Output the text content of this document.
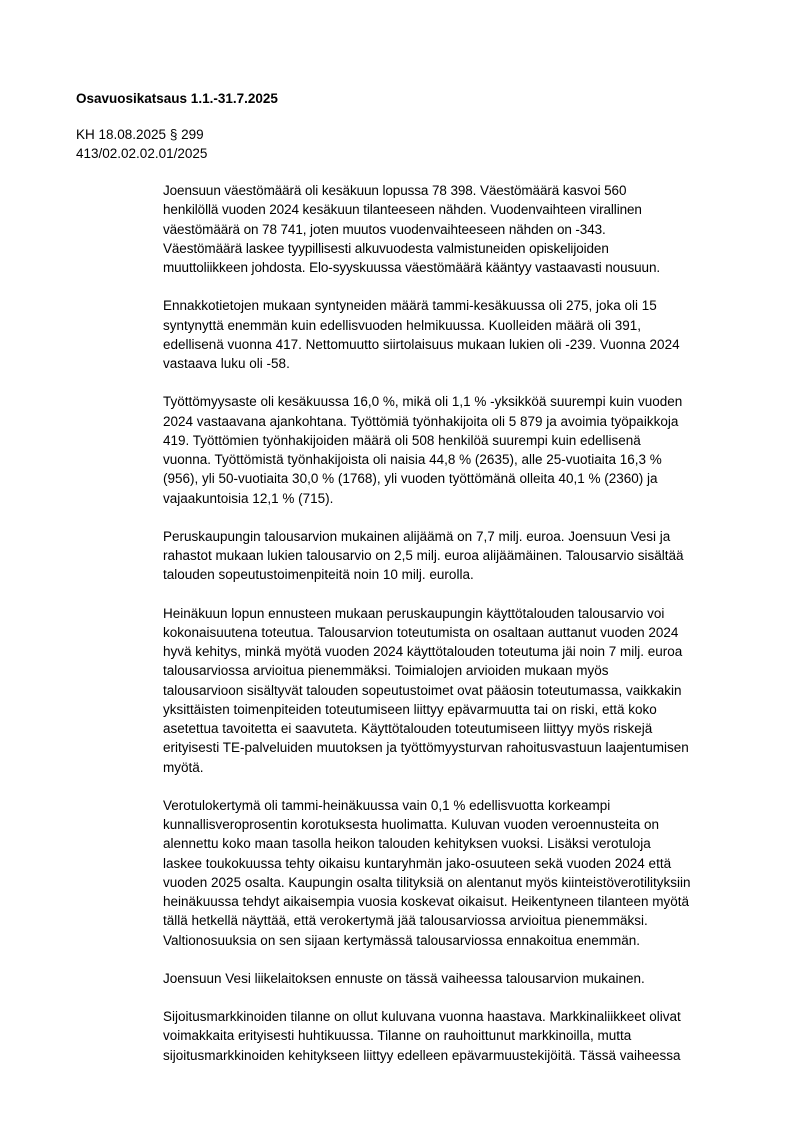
Osavuosikatsaus 1.1.-31.7.2025
KH 18.08.2025 § 299
413/02.02.02.01/2025
Joensuun väestömäärä oli kesäkuun lopussa 78 398. Väestömäärä kasvoi 560
henkilöllä vuoden 2024 kesäkuun tilanteeseen nähden. Vuodenvaihteen virallinen
väestömäärä on 78 741, joten muutos vuodenvaihteeseen nähden on -343.
Väestömäärä laskee tyypillisesti alkuvuodesta valmistuneiden opiskelijoiden
muuttoliikkeen johdosta. Elo-syyskuussa väestömäärä kääntyy vastaavasti nousuun.
Ennakkotietojen mukaan syntyneiden määrä tammi-kesäkuussa oli 275, joka oli 15
syntynyttä enemmän kuin edellisvuoden helmikuussa. Kuolleiden määrä oli 391,
edellisenä vuonna 417. Nettomuutto siirtolaisuus mukaan lukien oli -239. Vuonna 2024
vastaava luku oli -58.
Työttömyysaste oli kesäkuussa 16,0 %, mikä oli 1,1 % -yksikköä suurempi kuin vuoden
2024 vastaavana ajankohtana. Työttömiä työnhakijoita oli 5 879 ja avoimia työpaikkoja
419. Työttömien työnhakijoiden määrä oli 508 henkilöä suurempi kuin edellisenä
vuonna. Työttömistä työnhakijoista oli naisia 44,8 % (2635), alle 25-vuotiaita 16,3 %
(956), yli 50-vuotiaita 30,0 % (1768), yli vuoden työttömänä olleita 40,1 % (2360) ja
vajaakuntoisia 12,1 % (715).
Peruskaupungin talousarvion mukainen alijäämä on 7,7 milj. euroa. Joensuun Vesi ja
rahastot mukaan lukien talousarvio on 2,5 milj. euroa alijäämäinen. Talousarvio sisältää
talouden sopeutustoimenpiteitä noin 10 milj. eurolla.
Heinäkuun lopun ennusteen mukaan peruskaupungin käyttötalouden talousarvio voi
kokonaisuutena toteutua. Talousarvion toteutumista on osaltaan auttanut vuoden 2024
hyvä kehitys, minkä myötä vuoden 2024 käyttötalouden toteutuma jäi noin 7 milj. euroa
talousarviossa arvioitua pienemmäksi. Toimialojen arvioiden mukaan myös
talousarvioon sisältyvät talouden sopeutustoimet ovat pääosin toteutumassa, vaikkakin
yksittäisten toimenpiteiden toteutumiseen liittyy epävarmuutta tai on riski, että koko
asetettua tavoitetta ei saavuteta. Käyttötalouden toteutumiseen liittyy myös riskejä
erityisesti TE-palveluiden muutoksen ja työttömyysturvan rahoitusvastuun laajentumisen
myötä.
Verotulokertymä oli tammi-heinäkuussa vain 0,1 % edellisvuotta korkeampi
kunnallisveroprosentin korotuksesta huolimatta. Kuluvan vuoden veroennusteita on
alennettu koko maan tasolla heikon talouden kehityksen vuoksi. Lisäksi verotuloja
laskee toukokuussa tehty oikaisu kuntaryhmän jako-osuuteen sekä vuoden 2024 että
vuoden 2025 osalta. Kaupungin osalta tilityksiä on alentanut myös kiinteistöverotilityksiin
heinäkuussa tehdyt aikaisempia vuosia koskevat oikaisut. Heikentyneen tilanteen myötä
tällä hetkellä näyttää, että verokertymä jää talousarviossa arvioitua pienemmäksi.
Valtionosuuksia on sen sijaan kertymässä talousarviossa ennakoitua enemmän.
Joensuun Vesi liikelaitoksen ennuste on tässä vaiheessa talousarvion mukainen.
Sijoitusmarkkinoiden tilanne on ollut kuluvana vuonna haastava. Markkinaliikkeet olivat
voimakkaita erityisesti huhtikuussa. Tilanne on rauhoittunut markkinoilla, mutta
sijoitusmarkkinoiden kehitykseen liittyy edelleen epävarmuustekijöitä. Tässä vaiheessa
